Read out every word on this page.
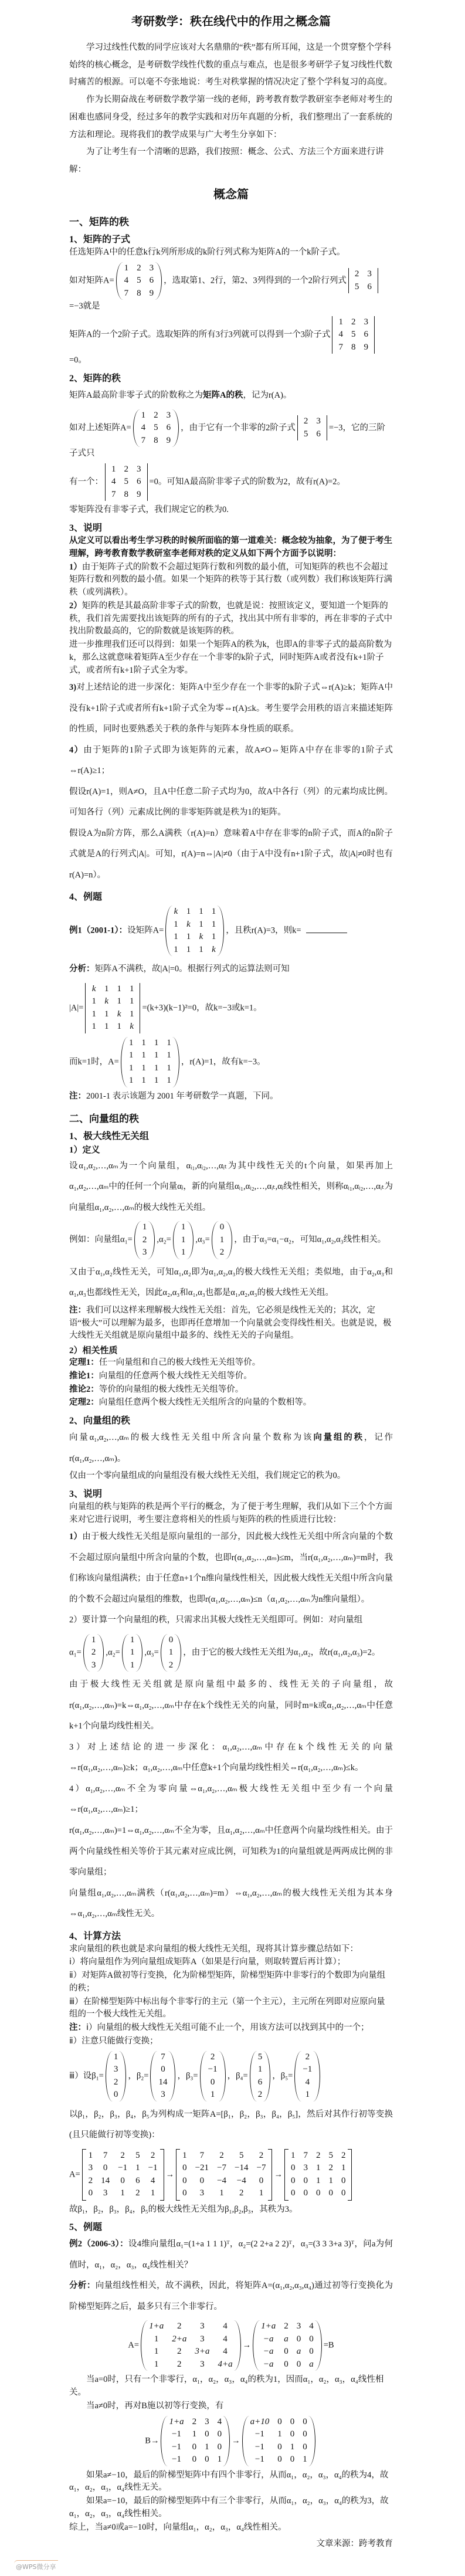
考研数学：秩在线代中的作用之概念篇
学习过线性代数的同学应该对大名鼎鼎的“秩”都有所耳闻，这是一个贯穿整个学科始终的核心概念，是考研数学线性代数的重点与难点，也是很多考研学子复习线性代数时痛苦的根源。可以毫不夸张地说：考生对秩掌握的情况决定了整个学科复习的高度。
作为长期奋战在考研数学教学第一线的老师，跨考教育数学教研室李老师对考生的困难也感同身受，经过多年的教学实践和对历年真题的分析，我们整理出了一套系统的方法和理论。现将我们的教学成果与广大考生分享如下：
为了让考生有一个清晰的思路，我们按照：概念、公式、方法三个方面来进行讲解：
概念篇
一、矩阵的秩
1、矩阵的子式
任选矩阵A中的任意k行k列所形成的k阶行列式称为矩阵A的一个k阶子式。
如对矩阵A=
1	2	3
4	5	6
7	8	9
，选取第1、2行，第2、3列得到的一个2阶行列式
2	3
5	6
=−3就是
矩阵A的一个2阶子式。选取矩阵的所有3行3列就可以得到一个3阶子式
1	2	3
4	5	6
7	8	9
=0。
2、矩阵的秩
矩阵A最高阶非零子式的阶数称之为矩阵A的秩，记为r(A)。
如对上述矩阵A=
1	2	3
4	5	6
7	8	9
，由于它有一个非零的2阶子式
2	3
5	6
=−3，它的三阶子式只
有一个：
1	2	3
4	5	6
7	8	9
=0。可知A最高阶非零子式的阶数为2，故有r(A)=2。
零矩阵没有非零子式，我们规定它的秩为0.
3、说明
从定义可以看出考生学习秩的时候所面临的第一道难关：概念较为抽象，为了便于考生理解，跨考教育数学教研室李老师对秩的定义从如下两个方面予以说明：
1）由于矩阵子式的阶数不会超过矩阵行数和列数的最小值，可知矩阵的秩也不会超过矩阵行数和列数的最小值。如果一个矩阵的秩等于其行数（或列数）我们称该矩阵行满秩（或列满秩）。
2）矩阵的秩是其最高阶非零子式的阶数，也就是说：按照该定义，要知道一个矩阵的秩，我们首先需要找出该矩阵的所有的子式，找出其中所有非零的，再在非零的子式中找出阶数最高的，它的阶数就是该矩阵的秩。
进一步推理我们还可以得到：如果一个矩阵A的秩为k，也即A的非零子式的最高阶数为k，那么这就意味着矩阵A至少存在一个非零的k阶子式，同时矩阵A或者没有k+1阶子式，或者所有k+1阶子式全为零。
3)对上述结论的进一步深化：矩阵A中至少存在一个非零的k阶子式⇔r(A)≥k；矩阵A中没有k+1阶子式或者所有k+1阶子式全为零⇔r(A)≤k。考生要学会用秩的语言来描述矩阵的性质，同时也要熟悉关于秩的条件与矩阵本身性质的联系。
4）由于矩阵的1阶子式即为该矩阵的元素，故A≠O⇔矩阵A中存在非零的1阶子式⇔r(A)≥1；
假设r(A)=1，则A≠O，且A中任意二阶子式均为0，故A中各行（列）的元素均成比例。可知各行（列）元素成比例的非零矩阵就是秩为1的矩阵。
假设A为n阶方阵，那么A满秩（r(A)=n）意味着A中存在非零的n阶子式，而A的n阶子式就是A的行列式|A|。可知，r(A)=n⇔|A|≠0（由于A中没有n+1阶子式，故|A|≠0时也有r(A)=n）。
4、例题
例1（2001-1）：设矩阵A=
k	1	1	1
1	k	1	1
1	1	k	1
1	1	1	k
，且秩r(A)=3，则k=
分析：矩阵A不满秩，故|A|=0。根据行列式的运算法则可知
|A|=
k	1	1	1
1	k	1	1
1	1	k	1
1	1	1	k
=(k+3)(k−1)²=0，故k=−3或k=1。
而k=1时，A=
1	1	1	1
1	1	1	1
1	1	1	1
1	1	1	1
，r(A)=1，故有k=−3。
注：2001-1 表示该题为 2001 年考研数学一真题，下同。
二、向量组的秩
1、极大线性无关组
1）定义
设α₁,α₂,…,αₘ为一个向量组，αᵢ₁,αᵢ₂,…,αᵢₜ为其中线性无关的t个向量，如果再加上α₁,α₂,…,αₘ中的任何一个向量αⱼ，新的向量组αᵢ₁,αᵢ₂,…,αᵢₜ,αⱼ线性相关，则称αᵢ₁,αᵢ₂,…,αᵢₜ为向量组α₁,α₂,…,αₘ的极大线性无关组。
例如：向量组α₁=
1
2
3
,α₂=
1
1
1
,α₃=
0
1
2
，由于α₃=α₁−α₂，可知α₁,α₂,α₃线性相关。
又由于α₁,α₂线性无关，可知α₁,α₂即为α₁,α₂,α₃的极大线性无关组；类似地，由于α₂,α₃和α₁,α₃也都线性无关，因此α₂,α₃和α₁,α₃也都是α₁,α₂,α₃的极大线性无关组。
注：我们可以这样来理解极大线性无关组：首先，它必须是线性无关的；其次，定语“极大”可以理解为最多，也即再任意增加一个向量就会变得线性相关。也就是说，极大线性无关组就是原向量组中最多的、线性无关的子向量组。
2）相关性质
定理1：任一向量组和自己的极大线性无关组等价。
推论1：向量组的任意两个极大线性无关组等价。
推论2：等价的向量组的极大线性无关组等价。
定理2：向量组任意两个极大线性无关组所含的向量的个数相等。
2、向量组的秩
向量α₁,α₂,…,αₘ的极大线性无关组中所含向量个数称为该向量组的秩，记作r(α₁,α₂,…,αₘ)。
仅由一个零向量组成的向量组没有极大线性无关组，我们规定它的秩为0。
3、说明
向量组的秩与矩阵的秩是两个平行的概念，为了便于考生理解，我们从如下三个个方面来对它进行说明，考生要注意将相关的性质与矩阵的秩的性质进行比较：
1）由于极大线性无关组是原向量组的一部分，因此极大线性无关组中所含向量的个数不会超过原向量组中所含向量的个数，也即r(α₁,α₂,…,αₘ)≤m，当r(α₁,α₂,…,αₘ)=m时，我们称该向量组满秩；由于任意n+1个n维向量线性相关，因此极大线性无关组中所含向量的个数不会超过向量组的维数，也即r(α₁,α₂,…,αₘ)≤n（α₁,α₂,…,αₘ为n维向量组）。
2）要计算一个向量组的秩，只需求出其极大线性无关组即可。例如：对向量组
α₁=
1
2
3
,α₂=
1
1
1
,α₃=
0
1
2
，由于它的极大线性无关组为α₁,α₂，故r(α₁,α₂,α₃)=2。
由于极大线性无关组就是原向量组中最多的、线性无关的子向量组，故r(α₁,α₂,…,αₘ)=k⇔α₁,α₂,…,αₘ中存在k个线性无关的向量，同时m=k或α₁,α₂,…,αₘ中任意k+1个向量均线性相关。
3）对上述结论的进一步深化：α₁,α₂,…,αₘ中存在k个线性无关的向量⇔r(α₁,α₂,…,αₘ)≥k；α₁,α₂,…,αₘ中任意k+1个向量均线性相关⇔r(α₁,α₂,…,αₘ)≤k。
4）α₁,α₂,…,αₘ不全为零向量⇔α₁,α₂,…,αₘ极大线性无关组中至少有一个向量⇔r(α₁,α₂,…,αₘ)≥1；
r(α₁,α₂,…,αₘ)=1⇔α₁,α₂,…,αₘ不全为零，且α₁,α₂,…,αₘ中任意两个向量均线性相关。由于两个向量线性相关等价于其元素对应成比例，可知秩为1的向量组就是两两成比例的非零向量组；
向量组α₁,α₂,…,αₘ满秩（r(α₁,α₂,…,αₘ)=m）⇔α₁,α₂,…,αₘ的极大线性无关组为其本身⇔α₁,α₂,…,αₘ线性无关。
4、计算方法
求向量组的秩也就是求向量组的极大线性无关组，现将其计算步骤总结如下：
ⅰ）将向量组作为列向量组成矩阵A（如果是行向量，则取转置后再计算）；
ⅱ）对矩阵A做初等行变换，化为阶梯型矩阵，阶梯型矩阵中非零行的个数即为向量组的秩；
ⅲ）在阶梯型矩阵中标出每个非零行的主元（第一个主元），主元所在列即对应原向量组的一个极大线性无关组。
注：ⅰ）向量组的极大线性无关组可能不止一个，用该方法可以找到其中的一个；
ⅱ）注意只能做行变换；
ⅲ）设β₁=
1
3
2
0
，β₂=
7
0
14
3
，β₃=
2
−1
0
1
，β₄=
5
1
6
2
，β₅=
2
−1
4
1
以β₁，β₂，β₃，β₄，β₅为列构成一矩阵A=[β₁，β₂，β₃，β₄，β₅]，然后对其作行初等变换(且只能做行初等变换)：
A=
1	7	2	5	2
3	0	−1	1	−1
2	14	0	6	4
0	3	1	2	1
→
1	7	2	5	2
0	−21	−7	−14	−7
0	0	−4	−4	0
0	3	1	2	1
→
1	7	2	5	2
0	3	1	2	1
0	0	1	1	0
0	0	0	0	0
故β₁，β₂，β₃，β₄，β₅的极大线性无关组为β₁,β₂,β₃，其秩为3。
5、例题
例2（2006-3）：设4维向量组α₁=(1+a 1 1 1)ᵀ，α₂=(2 2+a 2 2)ᵀ，α₃=(3 3 3+a 3)ᵀ，问a为何值时，α₁，α₂，α₃，α₄线性相关？
分析：向量组线性相关，故不满秩，因此，将矩阵A=(α₁,α₂,α₃,α₄)通过初等行变换化为阶梯型矩阵之后，最多只有三个非零行。
A=
1+a	2	3	4
1	2+a	3	4
1	2	3+a	4
1	2	3	4+a
→
1+a	2	3	4
−a	a	0	0
−a	0	a	0
−a	0	0	a
=B
当a=0时，只有一个非零行，α₁，α₂，α₃，α₄的秩为1，因而α₁，α₂，α₃，α₄线性相关。
当a≠0时，再对B施以初等行变换，有
B→
1+a	2	3	4
−1	1	0	0
−1	0	1	0
−1	0	0	1
→
a+10	0	0	0
−1	1	0	0
−1	0	1	0
−1	0	0	1
如果a≠−10，最后的阶梯型矩阵中有四个非零行，从而α₁，α₂，α₃，α₄的秩为4，故α₁，α₂，α₃，α₄线性无关。
如果a=−10，最后的阶梯型矩阵中有三个非零行，从而α₁，α₂，α₃，α₄的秩为3，故α₁，α₂，α₃，α₄线性相关。
综上，当a≠0或a=−10时，向量组α₁，α₂，α₃，α₄线性相关。
文章来源：跨考教育
@WPS微分享
